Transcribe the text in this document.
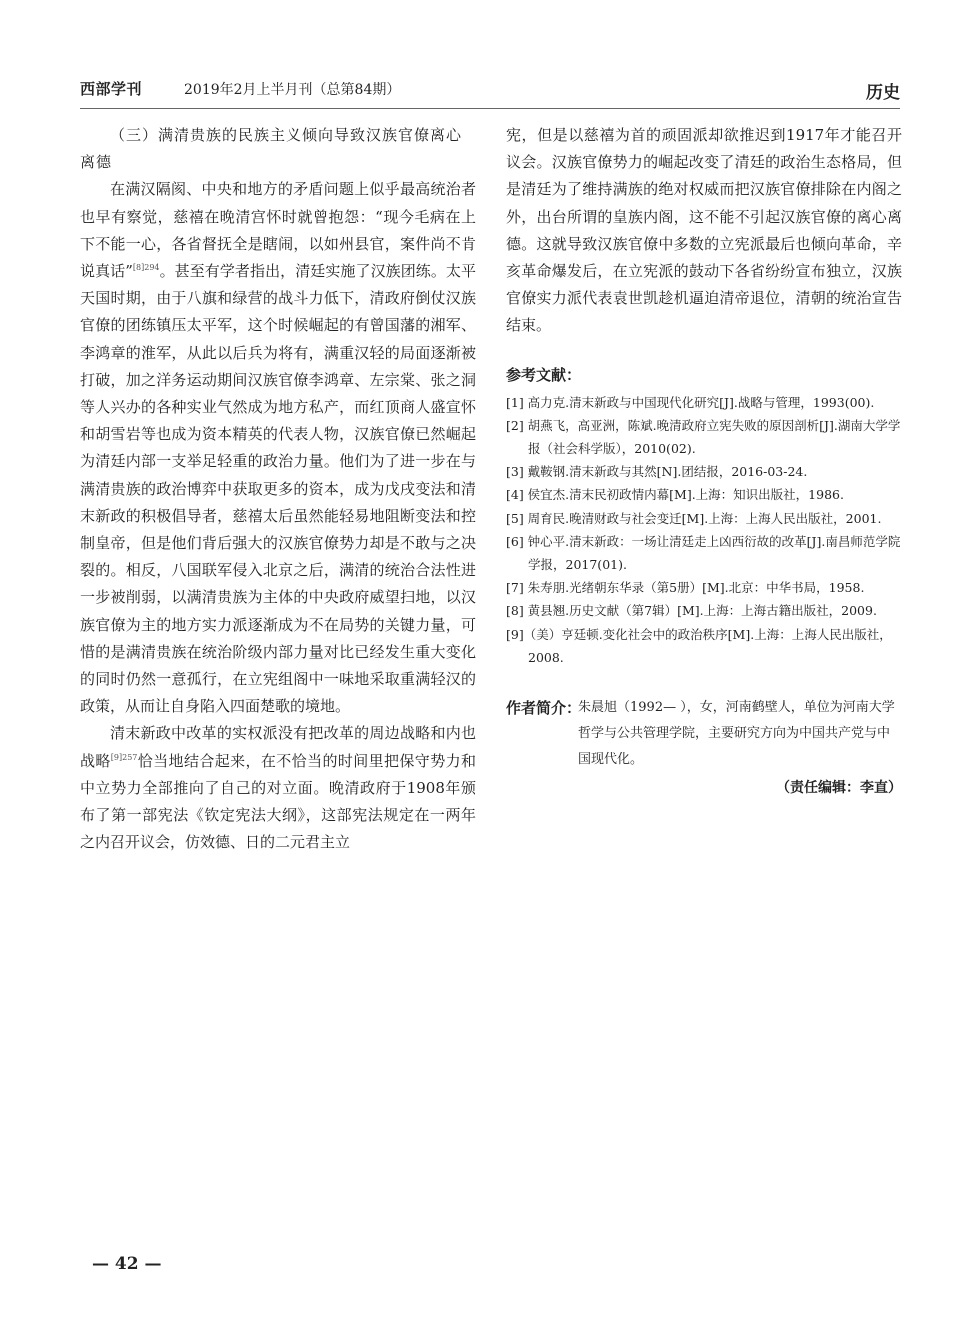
西部学刊	2019年2月上半月刊（总第84期）	历史

（三）满清贵族的民族主义倾向导致汉族官僚离心离德

在满汉隔阂、中央和地方的矛盾问题上似乎最高统治者也早有察觉，慈禧在晚清宫怀时就曾抱怨：“现今毛病在上下不能一心，各省督抚全是瞎闹，以如州县官，案件尚不肯说真话”$^{[8]294}$。甚至有学者指出，清廷实施了汉族团练。太平天国时期，由于八旗和绿营的战斗力低下，清政府倒仗汉族官僚的团练镇压太平军，这个时候崛起的有曾国藩的湘军、李鸿章的淮军，从此以后兵为将有，满重汉轻的局面逐渐被打破，加之洋务运动期间汉族官僚李鸿章、左宗棠、张之洞等人兴办的各种实业气然成为地方私产，而红顶商人盛宣怀和胡雪岩等也成为资本精英的代表人物，汉族官僚已然崛起为清廷内部一支举足轻重的政治力量。他们为了进一步在与满清贵族的政治博弈中获取更多的资本，成为戊戌变法和清末新政的积极倡导者，慈禧太后虽然能轻易地阻断变法和控制皇帝，但是他们背后强大的汉族官僚势力却是不敢与之决裂的。相反，八国联军侵入北京之后，满清的统治合法性进一步被削弱，以满清贵族为主体的中央政府威望扫地，以汉族官僚为主的地方实力派逐渐成为不在局势的关键力量，可惜的是满清贵族在统治阶级内部力量对比已经发生重大变化的同时仍然一意孤行，在立宪组阁中一味地采取重满轻汉的政策，从而让自身陷入四面楚歌的境地。

清末新政中改革的实权派没有把改革的周边战略和内也战略$^{[9]257}$恰当地结合起来，在不恰当的时间里把保守势力和中立势力全部推向了自己的对立面。晚清政府于1908年颁布了第一部宪法《钦定宪法大纲》，这部宪法规定在一两年之内召开议会，仿效德、日的二元君主立

宪，但是以慈禧为首的顽固派却欲推迟到1917年才能召开议会。汉族官僚势力的崛起改变了清廷的政治生态格局，但是清廷为了维持满族的绝对权威而把汉族官僚排除在内阁之外，出台所谓的皇族内阁，这不能不引起汉族官僚的离心离德。这就导致汉族官僚中多数的立宪派最后也倾向革命，辛亥革命爆发后，在立宪派的鼓动下各省纷纷宣布独立，汉族官僚实力派代表袁世凯趁机逼迫清帝退位，清朝的统治宣告结束。

参考文献：

[1] 高力克.清末新政与中国现代化研究[J].战略与管理，1993(00).

[2] 胡燕飞，高亚洲，陈斌.晚清政府立宪失败的原因剖析[J].湖南大学学报（社会科学版），2010(02).

[3] 戴鞍钢.清末新政与其然[N].团结报，2016-03-24.

[4] 侯宜杰.清末民初政情内幕[M].上海：知识出版社，1986.

[5] 周育民.晚清财政与社会变迁[M].上海：上海人民出版社，2001.

[6] 钟心平.清末新政：一场让清廷走上凶西衍故的改革[J].南昌师范学院学报，2017(01).

[7] 朱寿朋.光绪朝东华录（第5册）[M].北京：中华书局，1958.

[8] 黄县翘.历史文献（第7辑）[M].上海：上海古籍出版社，2009.

[9]（美）亨廷顿.变化社会中的政治秩序[M].上海：上海人民出版社，2008.

作者简介：
朱晨旭（1992— ），女，河南鹤壁人，单位为河南大学哲学与公共管理学院，主要研究方向为中国共产党与中国现代化。
（责任编辑：李直）
— 42 —
